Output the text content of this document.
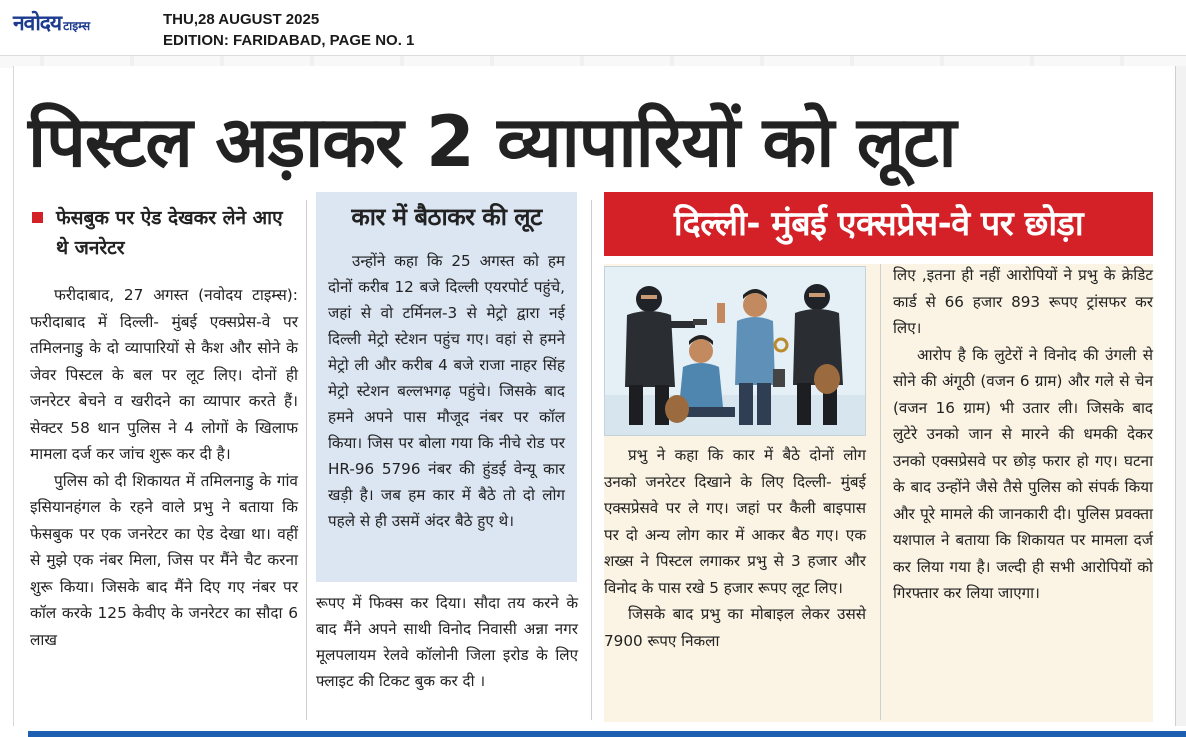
नवोदय टाइम्स	THU,28 AUGUST 2025
EDITION: FARIDABAD, PAGE NO. 1
पिस्टल अड़ाकर 2 व्यापारियों को लूटा
फेसबुक पर ऐड देखकर लेने आए थे जनरेटर

फरीदाबाद, 27 अगस्त (नवोदय टाइम्स): फरीदाबाद में दिल्ली- मुंबई एक्सप्रेस-वे पर तमिलनाडु के दो व्यापारियों से कैश और सोने के जेवर पिस्टल के बल पर लूट लिए। दोनों ही जनरेटर बेचने व खरीदने का व्यापार करते हैं। सेक्टर 58 थान पुलिस ने 4 लोगों के खिलाफ मामला दर्ज कर जांच शुरू कर दी है।

पुलिस को दी शिकायत में तमिलनाडु के गांव इसियानहंगल के रहने वाले प्रभु ने बताया कि फेसबुक पर एक जनरेटर का ऐड देखा था। वहीं से मुझे एक नंबर मिला, जिस पर मैंने चैट करना शुरू किया। जिसके बाद मैंने दिए गए नंबर पर कॉल करके 125 केवीए के जनरेटर का सौदा 6 लाख

कार में बैठाकर की लूट

उन्होंने कहा कि 25 अगस्त को हम दोनों करीब 12 बजे दिल्ली एयरपोर्ट पहुंचे, जहां से वो टर्मिनल-3 से मेट्रो द्वारा नई दिल्ली मेट्रो स्टेशन पहुंच गए। वहां से हमने मेट्रो ली और करीब 4 बजे राजा नाहर सिंह मेट्रो स्टेशन बल्लभगढ़ पहुंचे। जिसके बाद हमने अपने पास मौजूद नंबर पर कॉल किया। जिस पर बोला गया कि नीचे रोड पर HR-96 5796 नंबर की हुंडई वेन्यू कार खड़ी है। जब हम कार में बैठे तो दो लोग पहले से ही उसमें अंदर बैठे हुए थे।

रूपए में फिक्स कर दिया। सौदा तय करने के बाद मैंने अपने साथी विनोद निवासी अन्ना नगर मूलपलायम रेलवे कॉलोनी जिला इरोड के लिए फ्लाइट की टिकट बुक कर दी ।

दिल्ली- मुंबई एक्सप्रेस-वे पर छोड़ा

प्रभु ने कहा कि कार में बैठे दोनों लोग उनको जनरेटर दिखाने के लिए दिल्ली- मुंबई एक्सप्रेसवे पर ले गए। जहां पर कैली बाइपास पर दो अन्य लोग कार में आकर बैठ गए। एक शख्स ने पिस्टल लगाकर प्रभु से 3 हजार और विनोद के पास रखे 5 हजार रूपए लूट लिए।

जिसके बाद प्रभु का मोबाइल लेकर उससे 7900 रूपए निकला

लिए ,इतना ही नहीं आरोपियों ने प्रभु के क्रेडिट कार्ड से 66 हजार 893 रूपए ट्रांसफर कर लिए।

आरोप है कि लुटेरों ने विनोद की उंगली से सोने की अंगूठी (वजन 6 ग्राम) और गले से चेन (वजन 16 ग्राम) भी उतार ली। जिसके बाद लुटेरे उनको जान से मारने की धमकी देकर उनको एक्सप्रेसवे पर छोड़ फरार हो गए। घटना के बाद उन्होंने जैसे तैसे पुलिस को संपर्क किया और पूरे मामले की जानकारी दी। पुलिस प्रवक्ता यशपाल ने बताया कि शिकायत पर मामला दर्ज कर लिया गया है। जल्दी ही सभी आरोपियों को गिरफ्तार कर लिया जाएगा।
